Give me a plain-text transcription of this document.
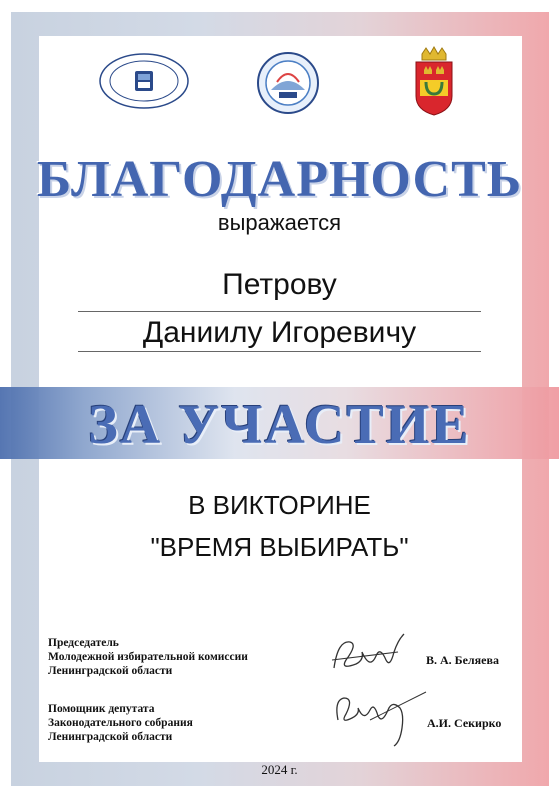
БЛАГОДАРНОСТЬ
выражается
Петрову
Даниилу Игоревичу
ЗА УЧАСТИЕ
В ВИКТОРИНЕ
"ВРЕМЯ ВЫБИРАТЬ"
Председатель
Молодежной избирательной комиссии
Ленинградской области
В. А. Беляева
Помощник депутата
Законодательного собрания
Ленинградской области
А.И. Секирко
2024 г.
